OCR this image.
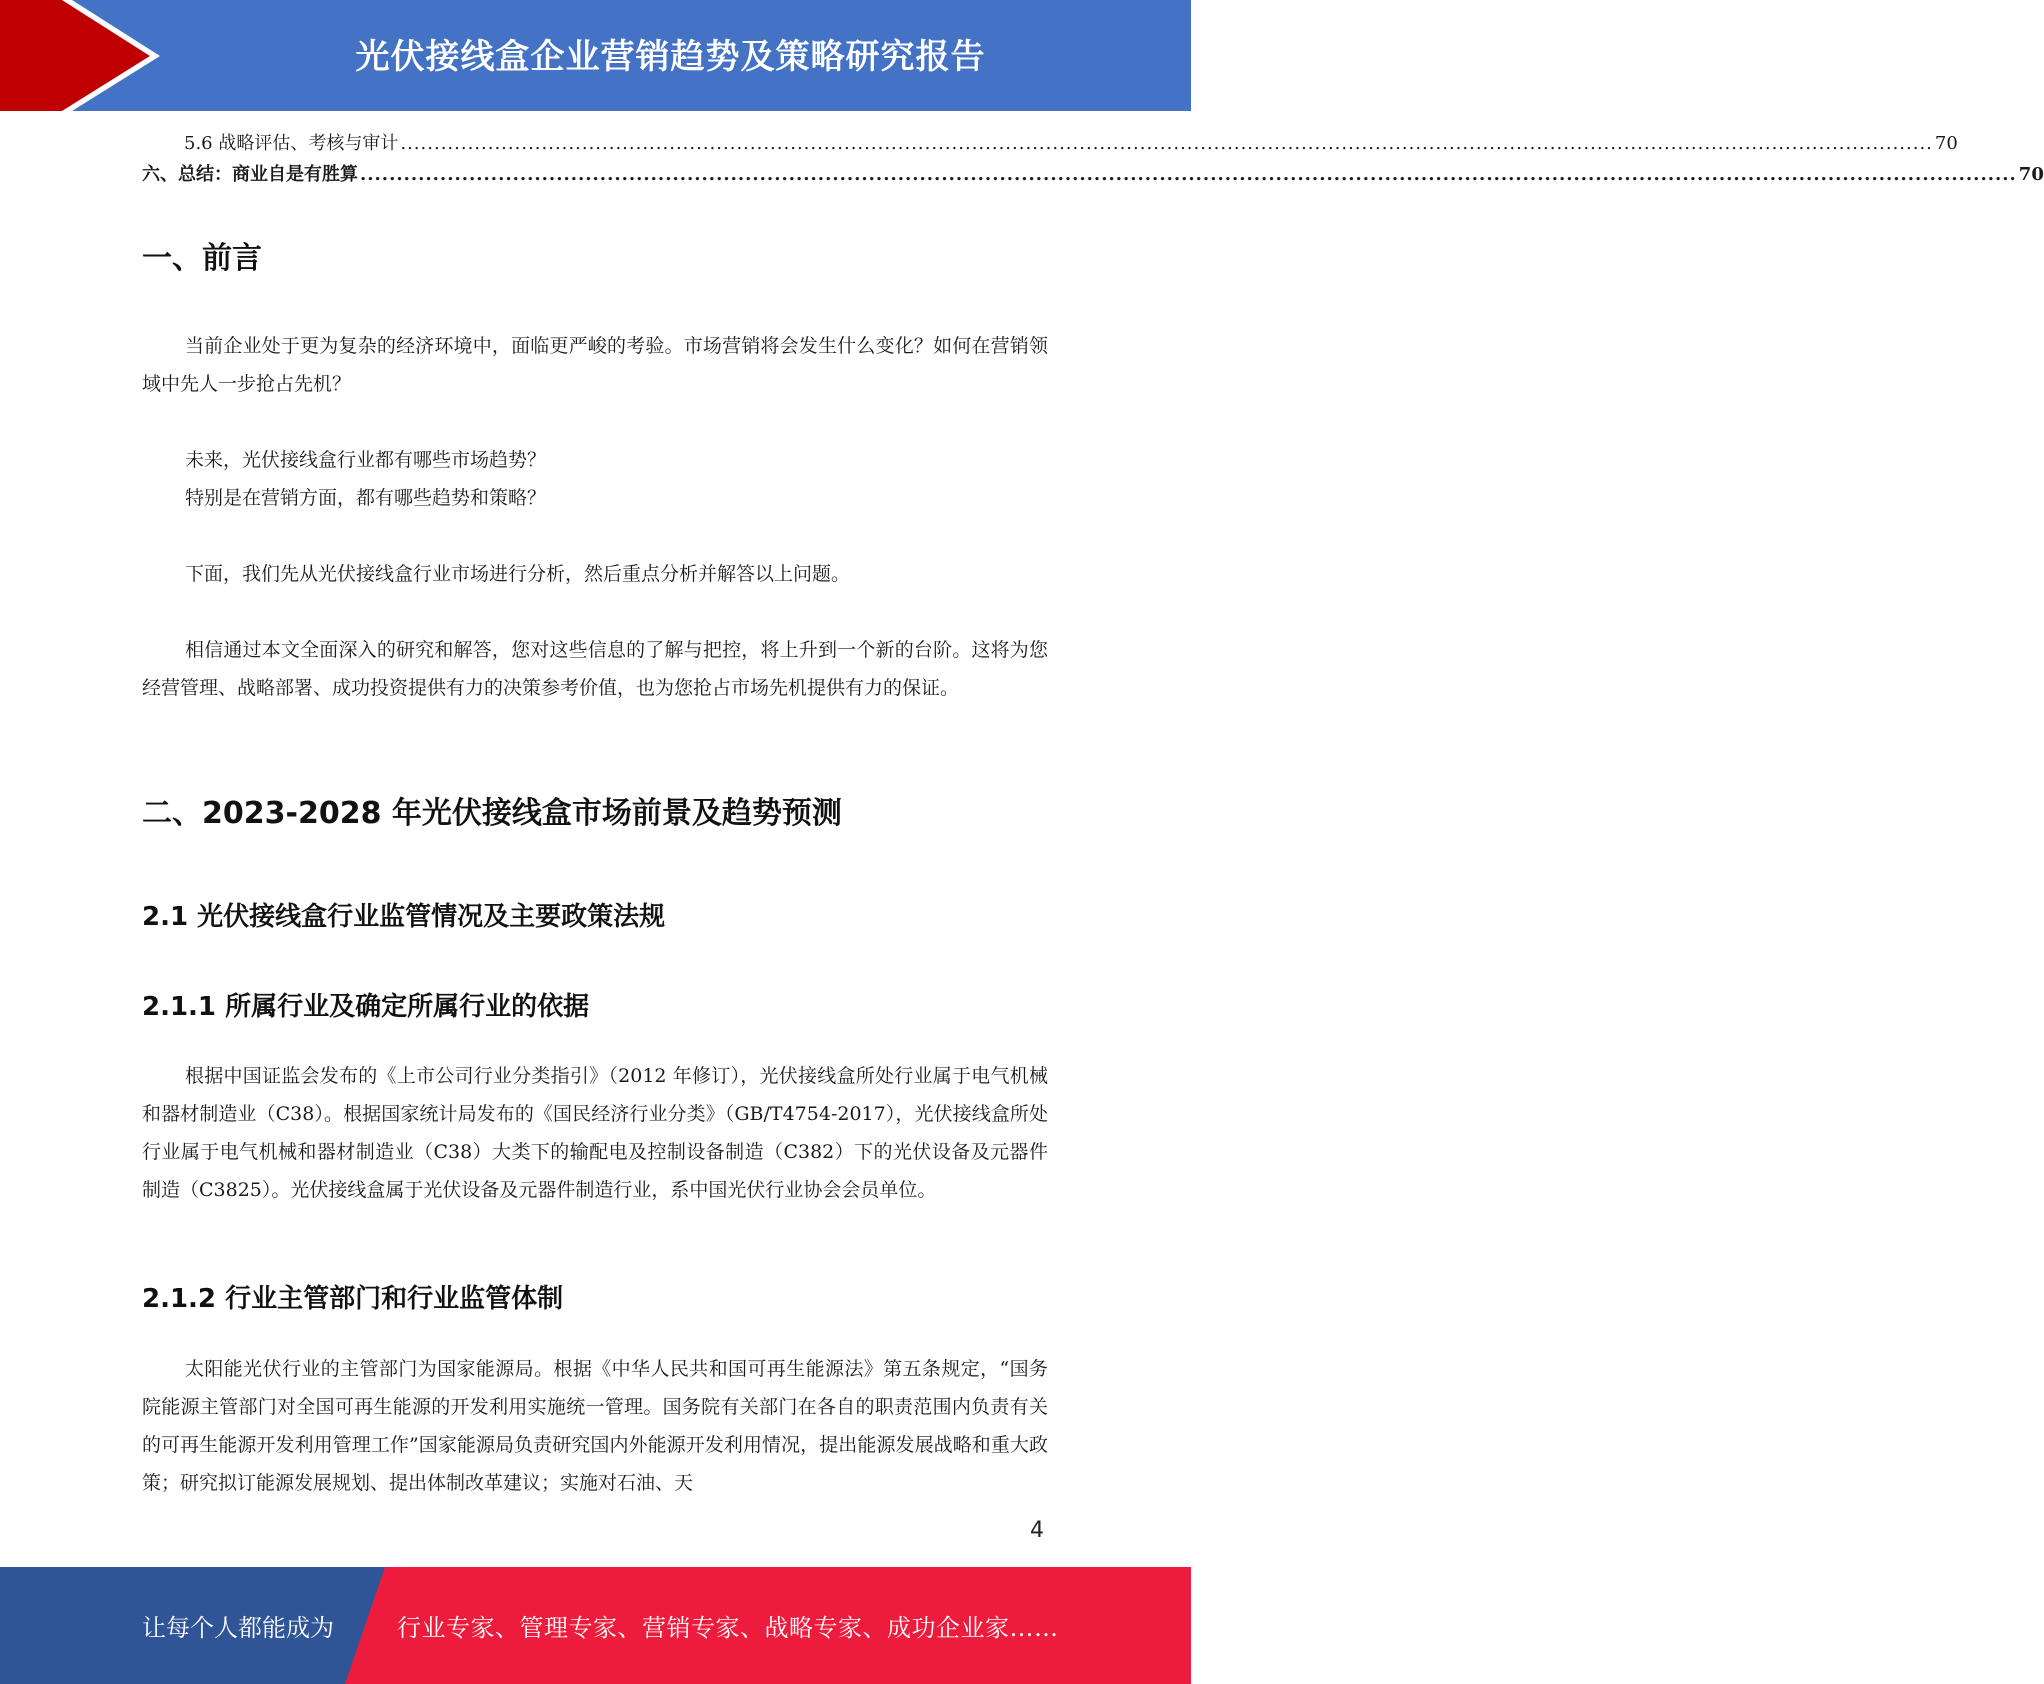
光伏接线盒企业营销趋势及策略研究报告
5.6 战略评估、考核与审计 .................................................................................................................................................................................................................................... 70
六、总结：商业自是有胜算 .................................................................................................................................................................................................................................... 70
一、前言

当前企业处于更为复杂的经济环境中，面临更严峻的考验。市场营销将会发生什么变化？如何在营销领域中先人一步抢占先机？

未来，光伏接线盒行业都有哪些市场趋势？

特别是在营销方面，都有哪些趋势和策略？

下面，我们先从光伏接线盒行业市场进行分析，然后重点分析并解答以上问题。

相信通过本文全面深入的研究和解答，您对这些信息的了解与把控，将上升到一个新的台阶。这将为您经营管理、战略部署、成功投资提供有力的决策参考价值，也为您抢占市场先机提供有力的保证。

二、2023-2028 年光伏接线盒市场前景及趋势预测
2.1 光伏接线盒行业监管情况及主要政策法规
2.1.1 所属行业及确定所属行业的依据

根据中国证监会发布的《上市公司行业分类指引》（2012 年修订），光伏接线盒所处行业属于电气机械和器材制造业（C38）。根据国家统计局发布的《国民经济行业分类》（GB/T4754-2017），光伏接线盒所处行业属于电气机械和器材制造业（C38）大类下的输配电及控制设备制造（C382）下的光伏设备及元器件制造（C3825）。光伏接线盒属于光伏设备及元器件制造行业，系中国光伏行业协会会员单位。

2.1.2 行业主管部门和行业监管体制

太阳能光伏行业的主管部门为国家能源局。根据《中华人民共和国可再生能源法》第五条规定，“国务院能源主管部门对全国可再生能源的开发利用实施统一管理。国务院有关部门在各自的职责范围内负责有关的可再生能源开发利用管理工作”国家能源局负责研究国内外能源开发利用情况，提出能源发展战略和重大政策；研究拟订能源发展规划、提出体制改革建议；实施对石油、天

4
让每个人都能成为	行业专家、管理专家、营销专家、战略专家、成功企业家……
